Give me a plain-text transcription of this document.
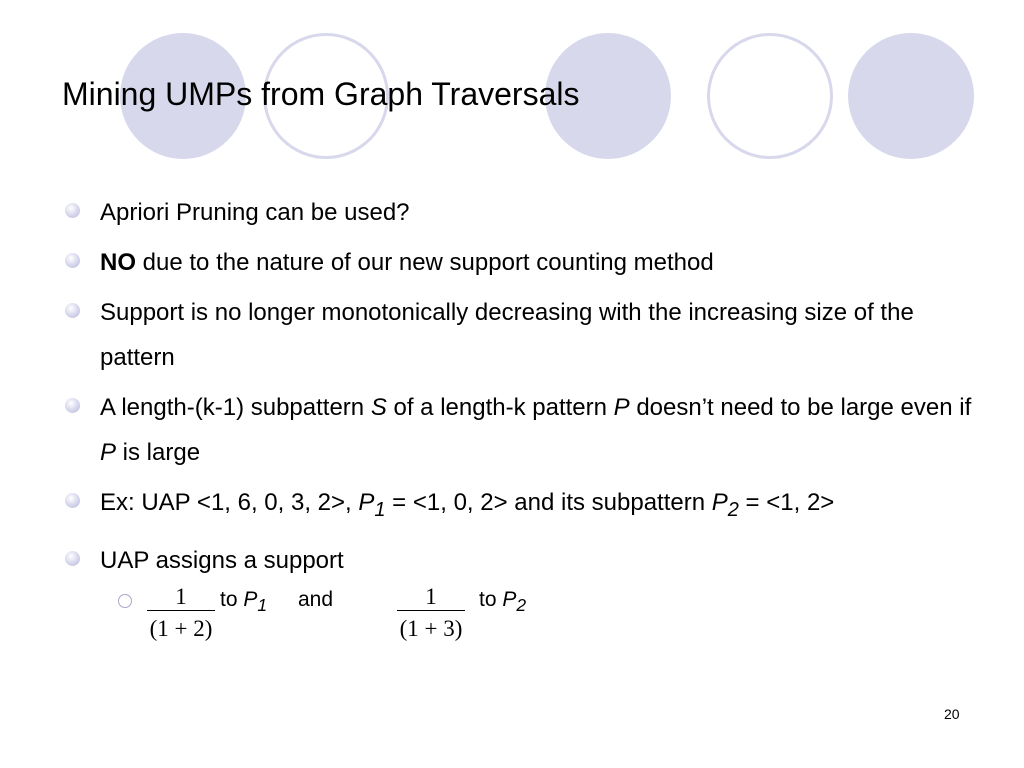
Mining UMPs from Graph Traversals
Apriori Pruning can be used?
NO due to the nature of our new support counting method
Support is no longer monotonically decreasing with the increasing size of the pattern
A length-(k-1) subpattern S of a length-k pattern P doesn’t need to be large even if P is large
Ex: UAP <1, 6, 0, 3, 2>, $P_1 = <1$, 0, 2> and its subpattern $P_2 = <1$, 2>
UAP assigns a support
1
(1 + 2)
to $P_1$ and	1
(1 + 3)
to $P_2$
20
